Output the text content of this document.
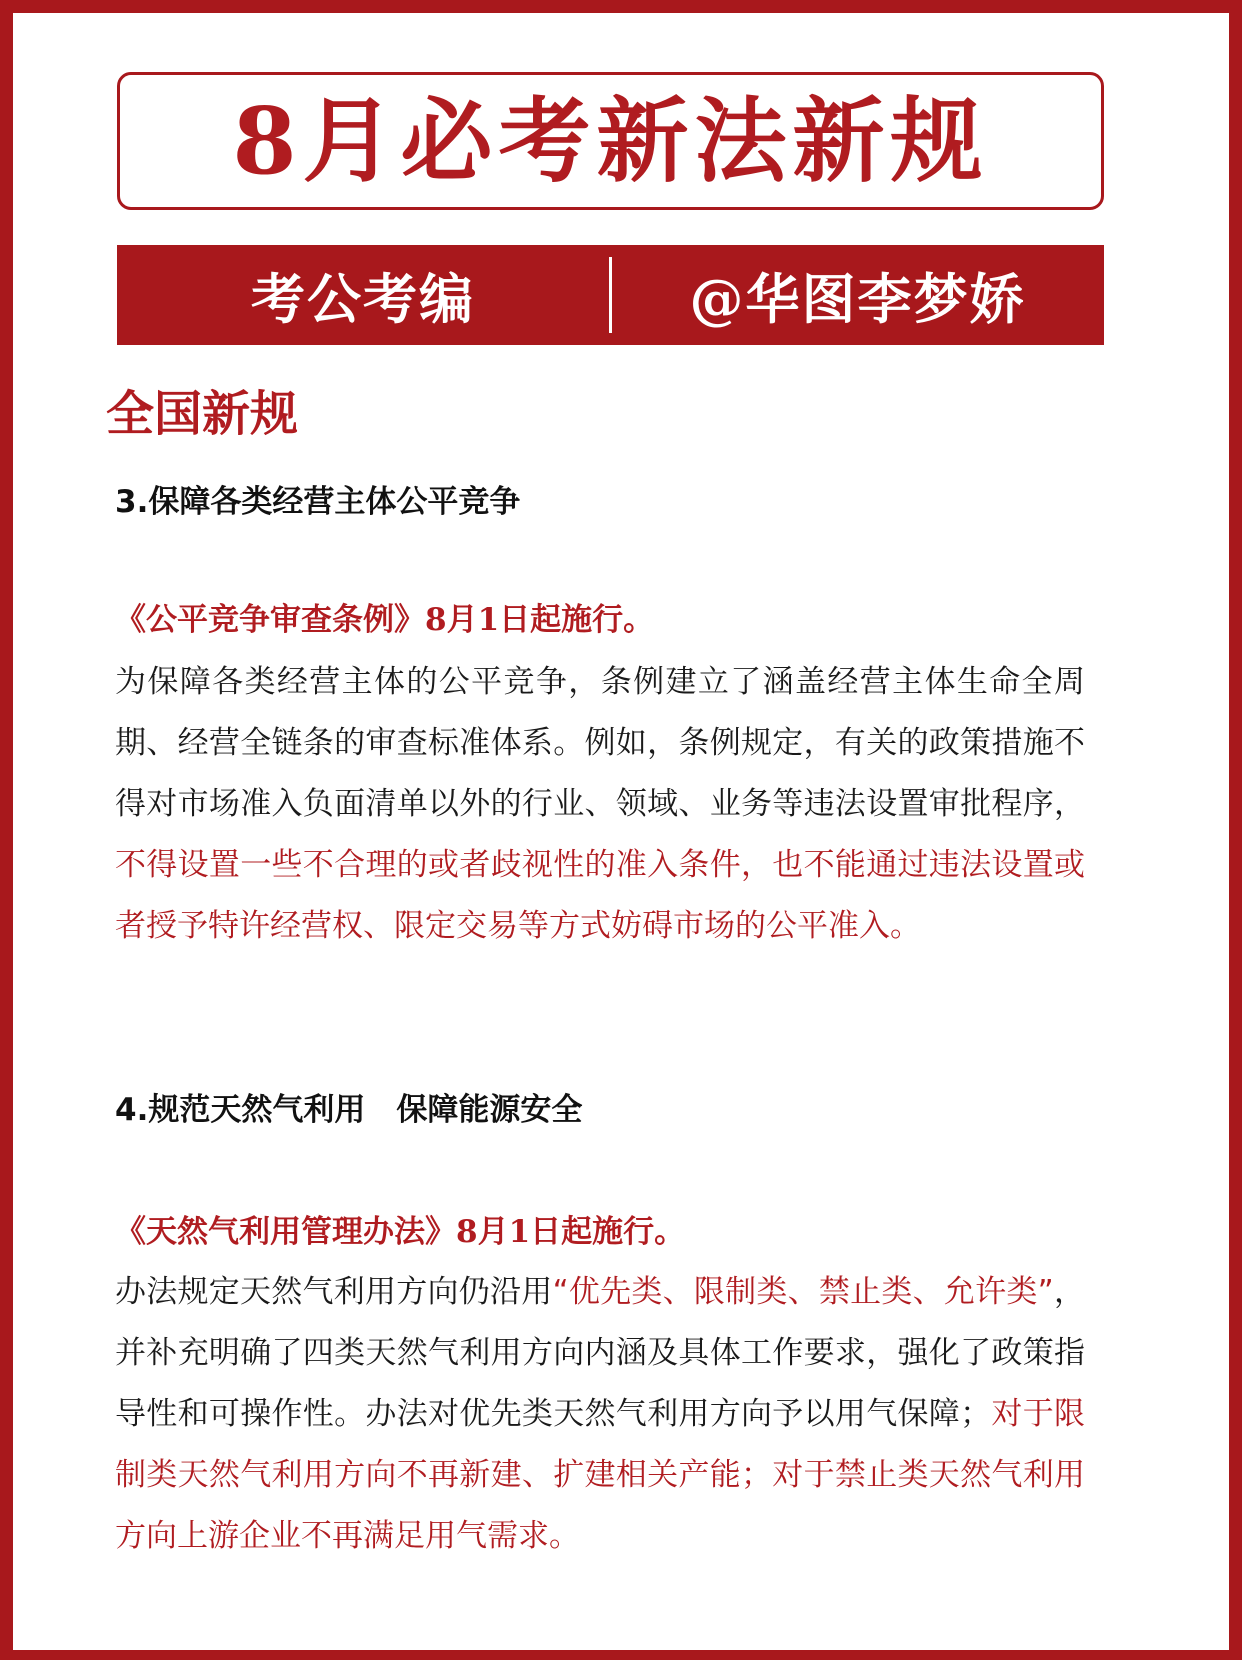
8月必考新法新规
考公考编	@华图李梦娇
全国新规
3.保障各类经营主体公平竞争
《公平竞争审查条例》8月1日起施行。
为保障各类经营主体的公平竞争，条例建立了涵盖经营主体生命全周期、经营全链条的审查标准体系。例如，条例规定，有关的政策措施不得对市场准入负面清单以外的行业、领域、业务等违法设置审批程序，不得设置一些不合理的或者歧视性的准入条件，也不能通过违法设置或者授予特许经营权、限定交易等方式妨碍市场的公平准入。
4.规范天然气利用　保障能源安全
《天然气利用管理办法》8月1日起施行。
办法规定天然气利用方向仍沿用“优先类、限制类、禁止类、允许类”，并补充明确了四类天然气利用方向内涵及具体工作要求，强化了政策指导性和可操作性。办法对优先类天然气利用方向予以用气保障；对于限制类天然气利用方向不再新建、扩建相关产能；对于禁止类天然气利用方向上游企业不再满足用气需求。
